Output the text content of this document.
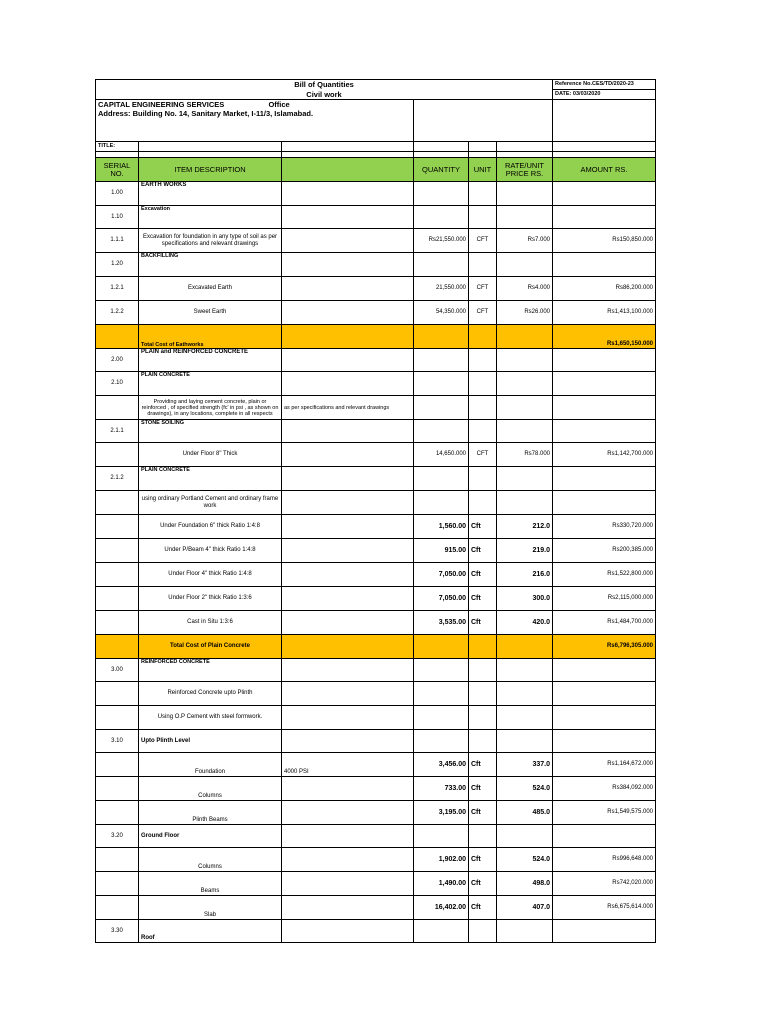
Bill of Quantities						Reference No.CES/TD/2020-23
Civil work						DATE: 03/03/2020
CAPITAL ENGINEERING SERVICES Office
Address: Building No. 14, Sanitary Market, I-11/3, Islamabad.						
TITLE:						

SERIAL NO.	ITEM DESCRIPTION		QUANTITY	UNIT	RATE/UNIT PRICE RS.	AMOUNT RS.
1.00	EARTH WORKS					
1.10	Excavation					
1.1.1	Excavation for foundation in any type of soil as per specifications and relevant drawings		Rs21,550.000	CFT	Rs7.000	Rs150,850.000
1.20	BACKFILLING					
1.2.1	Excavated Earth		21,550.000	CFT	Rs4.000	Rs86,200.000
1.2.2	Sweet Earth		54,350.000	CFT	Rs26.000	Rs1,413,100.000
	Total Cost of Eathworks					Rs1,650,150.000
2.00	PLAIN and REINFORCED CONCRETE					
2.10	PLAIN CONCRETE					
	Providing and laying cement concrete, plain or reinforced , of specified strength (fc' in psi , as shown on drawings), in any locations, complete in all respects	as per specifications and relevant drawings				
2.1.1	STONE SOILING					
	Under Floor 8" Thick		14,650.000	CFT	Rs78.000	Rs1,142,700.000
2.1.2	PLAIN CONCRETE					
	using ordinary Portland Cement and ordinary frame work					
	Under Foundation 6" thick Ratio 1:4:8		1,560.00	Cft	212.0	Rs330,720.000
	Under P/Beam 4" thick Ratio 1:4:8		915.00	Cft	219.0	Rs200,385.000
	Under Floor 4" thick Ratio 1:4:8		7,050.00	Cft	216.0	Rs1,522,800.000
	Under Floor 2" thick Ratio 1:3:6		7,050.00	Cft	300.0	Rs2,115,000.000
	Cast in Situ 1:3:6		3,535.00	Cft	420.0	Rs1,484,700.000
	Total Cost of Plain Concrete					Rs6,796,305.000
3.00	REINFORCED CONCRETE					
	Reinforced Concrete upto Plinth					
	Using O.P Cement with steel formwork.					
3.10	Upto Plinth Level					
	Foundation	4000 PSI	3,456.00	Cft	337.0	Rs1,164,672.000
	Columns		733.00	Cft	524.0	Rs384,092.000
	Plinth Beams		3,195.00	Cft	485.0	Rs1,549,575.000
3.20	Ground Floor					
	Columns		1,902.00	Cft	524.0	Rs996,648.000
	Beams		1,490.00	Cft	498.0	Rs742,020.000
	Slab		16,402.00	Cft	407.0	Rs6,675,614.000
3.30	Roof					
